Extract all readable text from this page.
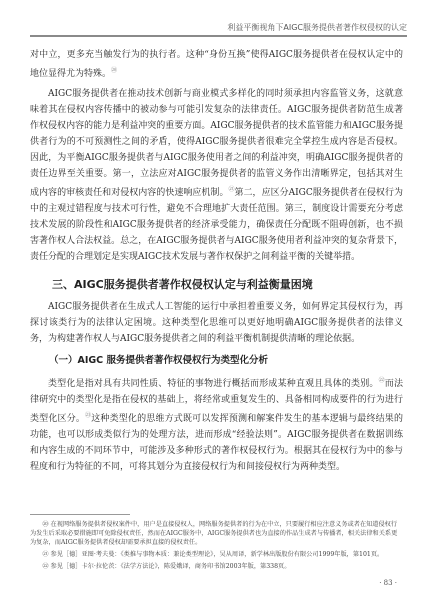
利益平衡视角下AIGC服务提供者著作权侵权的认定

对中立，更多充当触发行为的执行者。这种“身份互换”使得AIGC服务提供者在侵权认定中的地位显得尤为特殊。⑳

AIGC服务提供者在推动技术创新与商业模式多样化的同时须承担内容监管义务，这就意味着其在侵权内容传播中的被动参与可能引发复杂的法律责任。AIGC服务提供者防范生成著作权侵权内容的能力是利益冲突的重要方面。AIGC服务提供者的技术监管能力和AIGC服务提供者行为的不可预测性之间的矛盾，使得AIGC服务提供者很难完全掌控生成内容是否侵权。因此，为平衡AIGC服务提供者与AIGC服务使用者之间的利益冲突，明确AIGC服务提供者的责任边界至关重要。第一，立法应对AIGC服务提供者的监管义务作出清晰界定，包括其对生成内容的审核责任和对侵权内容的快速响应机制。$^㉑$第二，应区分AIGC服务提供者在侵权行为中的主观过错程度与技术可行性，避免不合理地扩大责任范围。第三，制度设计需要充分考虑技术发展的阶段性和AIGC服务提供者的经济承受能力，确保责任分配既不阻碍创新，也不损害著作权人合法权益。总之，在AIGC服务提供者与AIGC服务使用者利益冲突的复杂背景下，责任分配的合理划定是实现AIGC技术发展与著作权保护之间利益平衡的关键举措。

三、AIGC服务提供者著作权侵权认定与利益衡量困境

AIGC服务提供者在生成式人工智能的运行中承担着重要义务，如何界定其侵权行为，再探讨该类行为的法律认定困境。这种类型化思维可以更好地明确AIGC服务提供者的法律义务，为构建著作权人与AIGC服务提供者之间的利益平衡机制提供清晰的理论依据。

（一）AIGC 服务提供者著作权侵权行为类型化分析

类型化是指对具有共同性质、特征的事物进行概括而形成某种直观且具体的类别。$^㉒$而法律研究中的类型化是指在侵权的基础上，将经常或重复发生的、具备相同构成要件的行为进行类型化区分。$^㉓$这种类型化的思维方式既可以发挥预测和解案件发生的基本逻辑与最终结果的功能，也可以形成类似行为的处理方法，进而形成“经验法则”。AIGC服务提供者在数据训练和内容生成的不同环节中，可能涉及多种形式的著作权侵权行为。根据其在侵权行为中的参与程度和行为特征的不同，可将其划分为直接侵权行为和间接侵权行为两种类型。

⑳ 在视网络服务提供者侵权案件中，用户是直接侵权人，网络服务提供者的行为在中立，只要履行相应注意义务或者在知道侵权行为发生后采取必要措施即可免除侵权责任，然而在AIGC服务中，AIGC服务提供者也为直接的作品生成者与传播者，相关法律和关系更为复杂，而AIGC服务提供者侵权却需要承担直接的侵权责任。

㉑ 参见［德］亚图·考夫曼：《类推与事物本质：兼论类型理论》，吴从周译，新学林出版股份有限公司1999年版，第101页。

㉒ 参见［德］卡尔·拉伦茨：《法学方法论》，陈爱娥译，商务印书馆2003年版，第338页。

· 83 ·
